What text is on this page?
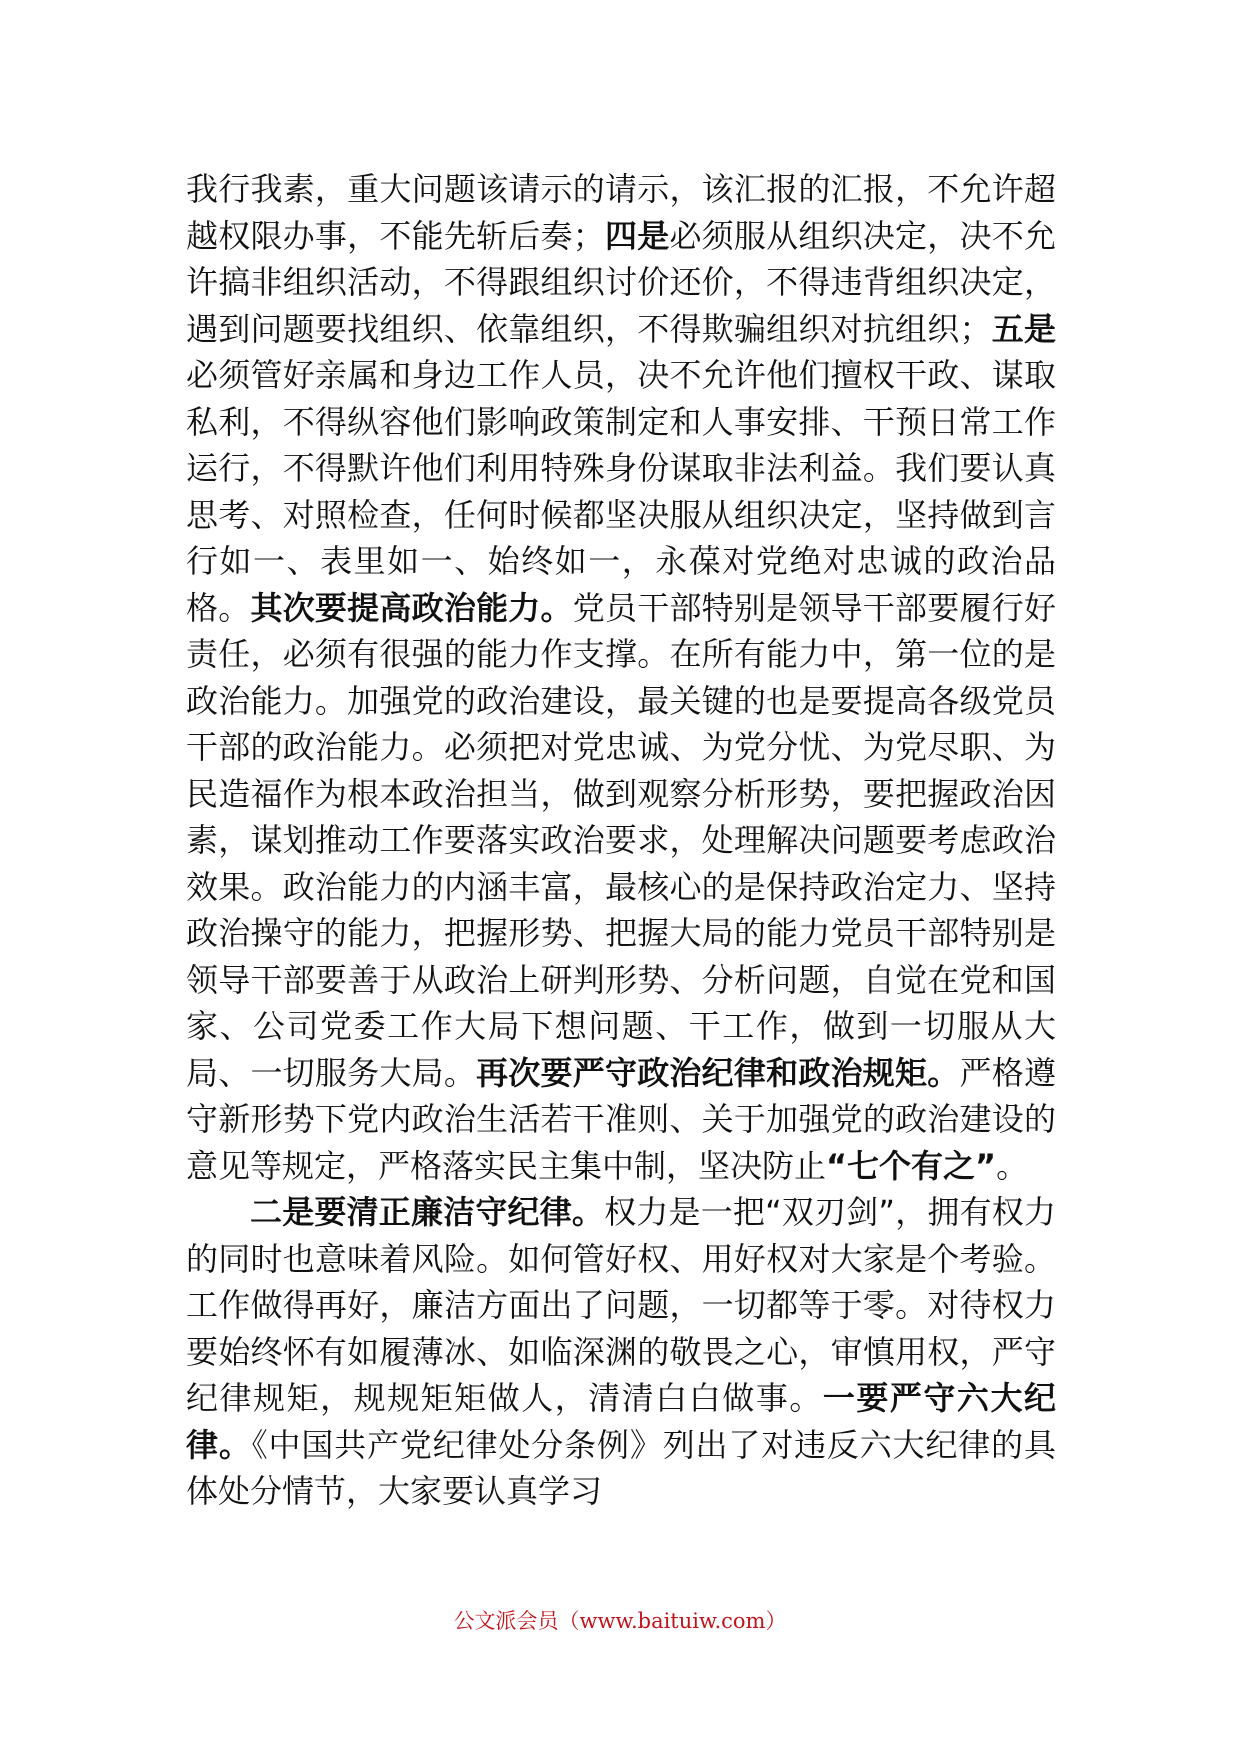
我行我素，重大问题该请示的请示，该汇报的汇报，不允许超越权限办事，不能先斩后奏；四是必须服从组织决定，决不允许搞非组织活动，不得跟组织讨价还价，不得违背组织决定，遇到问题要找组织、依靠组织，不得欺骗组织对抗组织；五是必须管好亲属和身边工作人员，决不允许他们擅权干政、谋取私利，不得纵容他们影响政策制定和人事安排、干预日常工作运行，不得默许他们利用特殊身份谋取非法利益。我们要认真思考、对照检查，任何时候都坚决服从组织决定，坚持做到言行如一、表里如一、始终如一，永葆对党绝对忠诚的政治品格。其次要提高政治能力。党员干部特别是领导干部要履行好责任，必须有很强的能力作支撑。在所有能力中，第一位的是政治能力。加强党的政治建设，最关键的也是要提高各级党员干部的政治能力。必须把对党忠诚、为党分忧、为党尽职、为民造福作为根本政治担当，做到观察分析形势，要把握政治因素，谋划推动工作要落实政治要求，处理解决问题要考虑政治效果。政治能力的内涵丰富，最核心的是保持政治定力、坚持政治操守的能力，把握形势、把握大局的能力党员干部特别是领导干部要善于从政治上研判形势、分析问题，自觉在党和国家、公司党委工作大局下想问题、干工作，做到一切服从大局、一切服务大局。再次要严守政治纪律和政治规矩。严格遵守新形势下党内政治生活若干准则、关于加强党的政治建设的意见等规定，严格落实民主集中制，坚决防止“七个有之”。

二是要清正廉洁守纪律。权力是一把“双刃剑”，拥有权力的同时也意味着风险。如何管好权、用好权对大家是个考验。工作做得再好，廉洁方面出了问题，一切都等于零。对待权力要始终怀有如履薄冰、如临深渊的敬畏之心，审慎用权，严守纪律规矩，规规矩矩做人，清清白白做事。一要严守六大纪律。《中国共产党纪律处分条例》列出了对违反六大纪律的具体处分情节，大家要认真学习

公文派会员（www.baituiw.com）
